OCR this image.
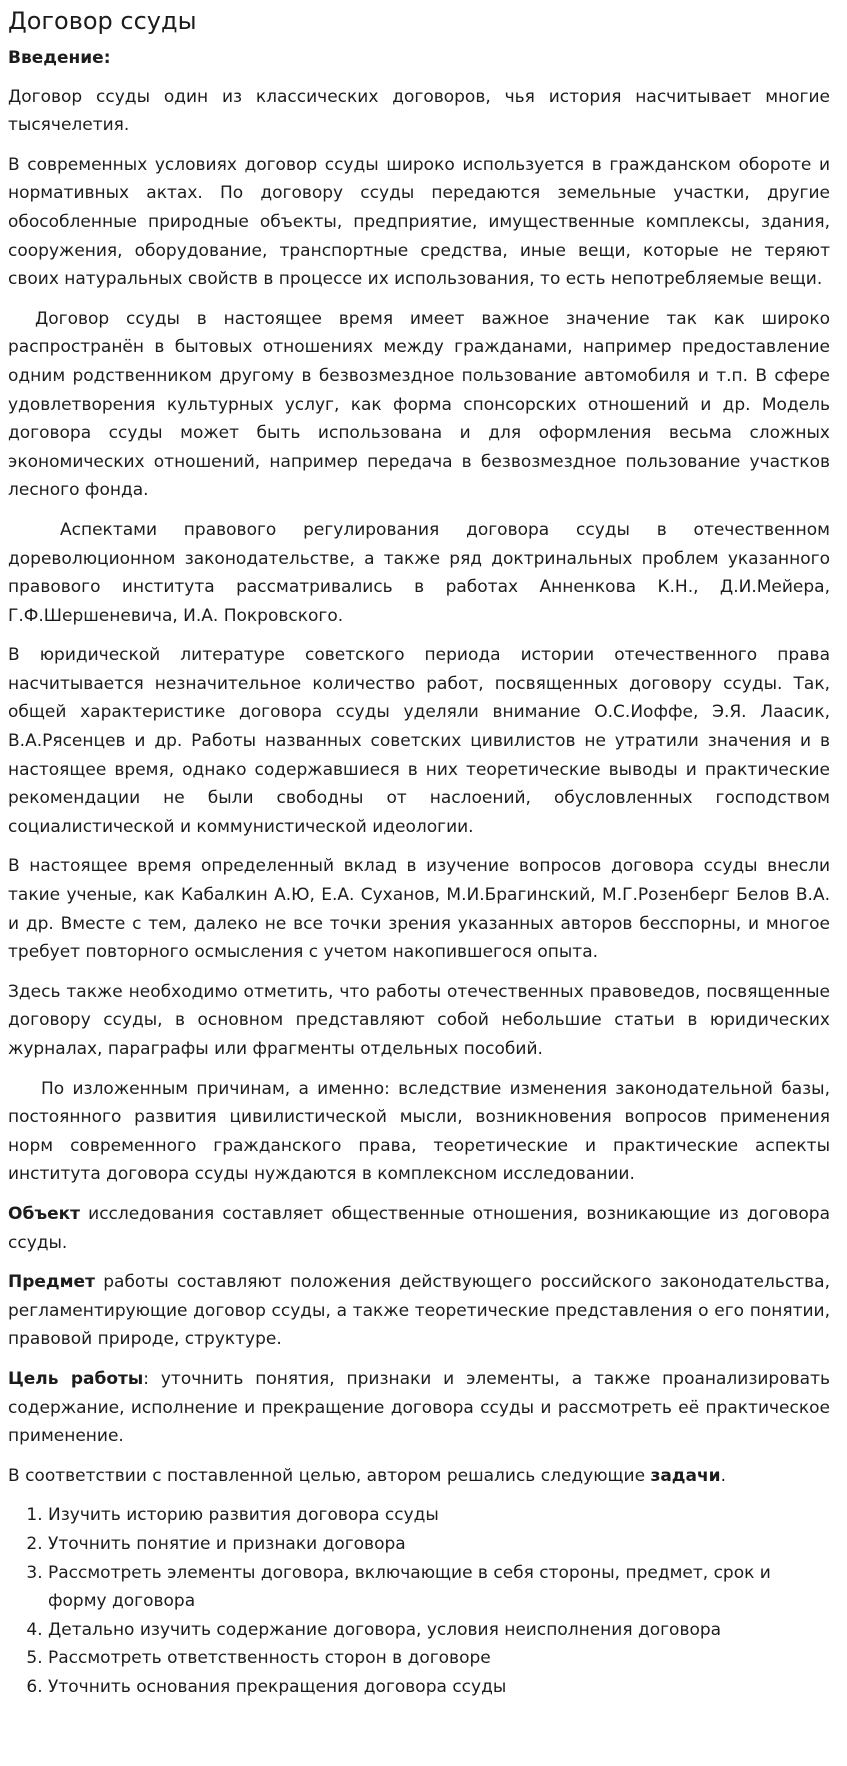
Договор ссуды

Введение:

Договор ссуды один из классических договоров, чья история насчитывает многие тысячелетия.

В современных условиях договор ссуды широко используется в гражданском обороте и нормативных актах. По договору ссуды передаются земельные участки, другие обособленные природные объекты, предприятие, имущественные комплексы, здания, сооружения, оборудование, транспортные средства, иные вещи, которые не теряют своих натуральных свойств в процессе их использования, то есть непотребляемые вещи.

Договор ссуды в настоящее время имеет важное значение так как широко распространён в бытовых отношениях между гражданами, например предоставление одним родственником другому в безвозмездное пользование автомобиля и т.п. В сфере удовлетворения культурных услуг, как форма спонсорских отношений и др. Модель договора ссуды может быть использована и для оформления весьма сложных экономических отношений, например передача в безвозмездное пользование участков лесного фонда.

Аспектами правового регулирования договора ссуды в отечественном дореволюционном законодательстве, а также ряд доктринальных проблем указанного правового института рассматривались в работах Анненкова К.Н., Д.И.Мейера, Г.Ф.Шершеневича, И.А. Покровского.

В юридической литературе советского периода истории отечественного права насчитывается незначительное количество работ, посвященных договору ссуды. Так, общей характеристике договора ссуды уделяли внимание О.С.Иоффе, Э.Я. Лаасик, В.А.Рясенцев и др. Работы названных советских цивилистов не утратили значения и в настоящее время, однако содержавшиеся в них теоретические выводы и практические рекомендации не были свободны от наслоений, обусловленных господством социалистической и коммунистической идеологии.

В настоящее время определенный вклад в изучение вопросов договора ссуды внесли такие ученые, как Кабалкин А.Ю, Е.А. Суханов, М.И.Брагинский, М.Г.Розенберг Белов В.А. и др. Вместе с тем, далеко не все точки зрения указанных авторов бесспорны, и многое требует повторного осмысления с учетом накопившегося опыта.

Здесь также необходимо отметить, что работы отечественных правоведов, посвященные договору ссуды, в основном представляют собой небольшие статьи в юридических журналах, параграфы или фрагменты отдельных пособий.

По изложенным причинам, а именно: вследствие изменения законодательной базы, постоянного развития цивилистической мысли, возникновения вопросов применения норм современного гражданского права, теоретические и практические аспекты института договора ссуды нуждаются в комплексном исследовании.

Объект исследования составляет общественные отношения, возникающие из договора ссуды.

Предмет работы составляют положения действующего российского законодательства, регламентирующие договор ссуды, а также теоретические представления о его понятии, правовой природе, структуре.

Цель работы: уточнить понятия, признаки и элементы, а также проанализировать содержание, исполнение и прекращение договора ссуды и рассмотреть её практическое применение.

В соответствии с поставленной целью, автором решались следующие задачи.

1. Изучить историю развития договора ссуды
2. Уточнить понятие и признаки договора
3. Рассмотреть элементы договора, включающие в себя стороны, предмет, срок и форму договора
4. Детально изучить содержание договора, условия неисполнения договора
5. Рассмотреть ответственность сторон в договоре
6. Уточнить основания прекращения договора ссуды
